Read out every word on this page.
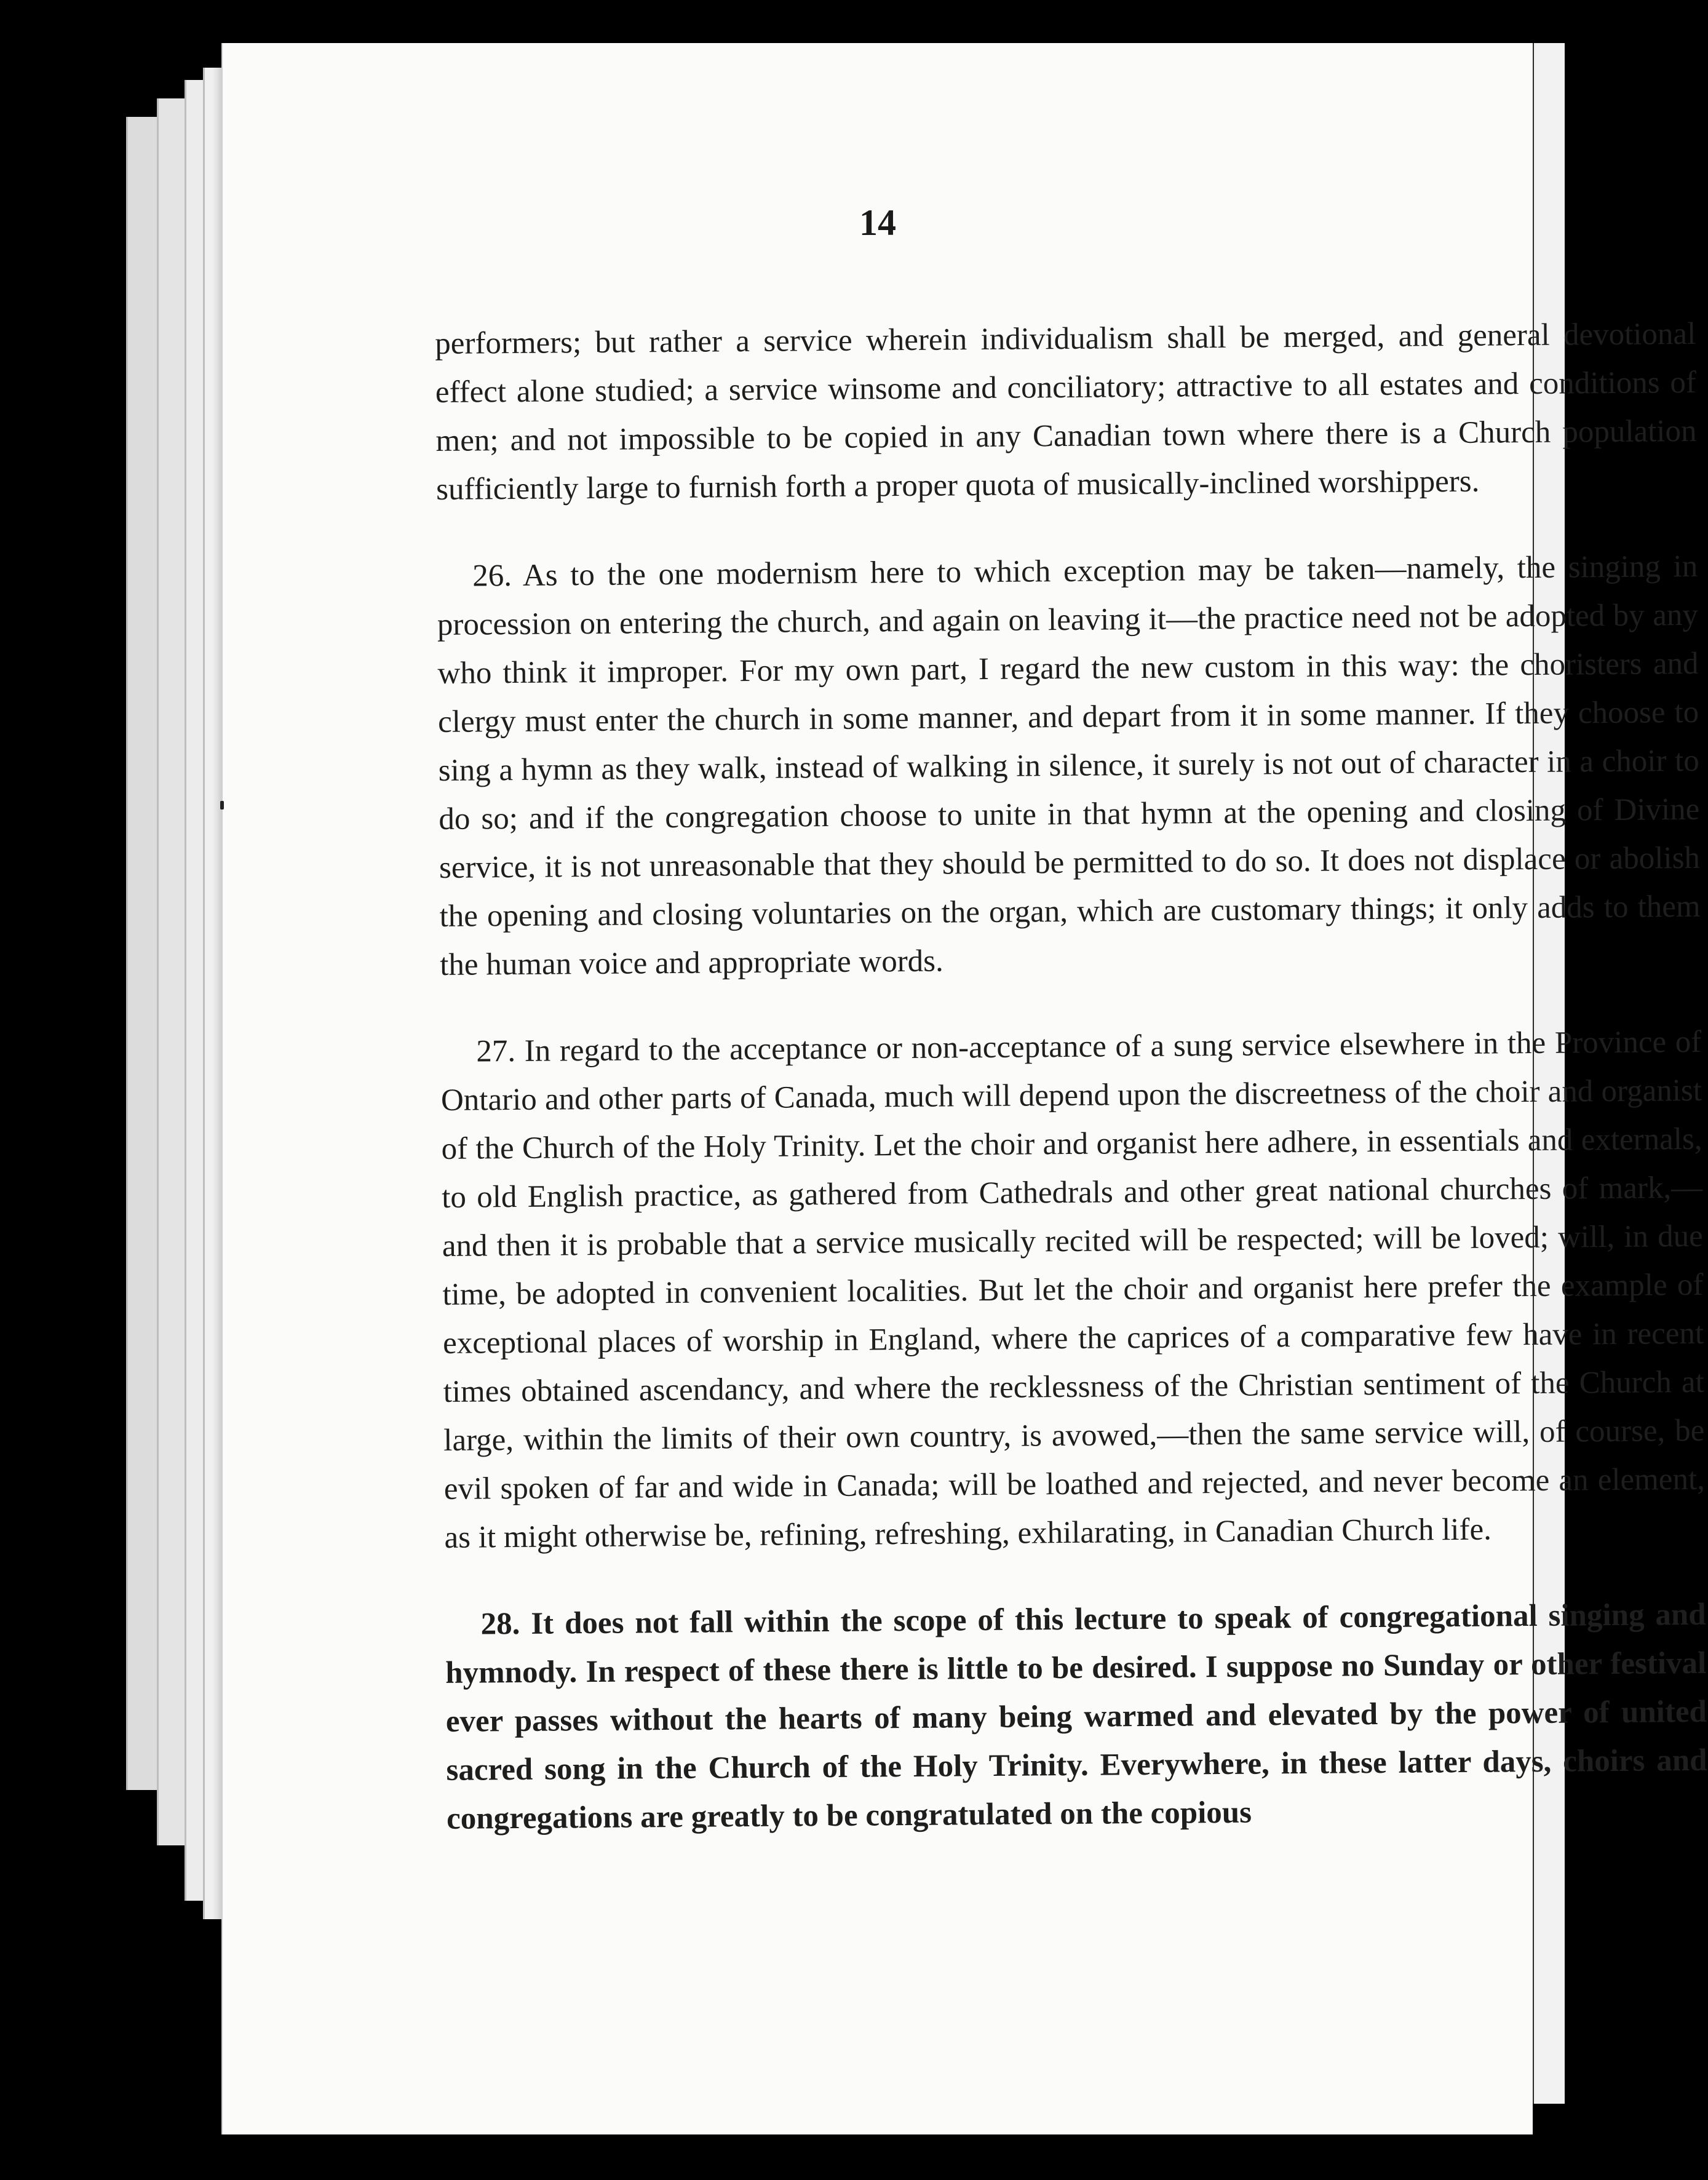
14

performers; but rather a service wherein individualism shall be merged, and general devotional effect alone studied; a service winsome and conciliatory; attractive to all estates and conditions of men; and not impossible to be copied in any Canadian town where there is a Church population sufficiently large to furnish forth a proper quota of musically-inclined worshippers.

26. As to the one modernism here to which exception may be taken—namely, the singing in procession on entering the church, and again on leaving it—the practice need not be adopted by any who think it improper. For my own part, I regard the new custom in this way: the choristers and clergy must enter the church in some manner, and depart from it in some manner. If they choose to sing a hymn as they walk, instead of walking in silence, it surely is not out of character in a choir to do so; and if the congregation choose to unite in that hymn at the opening and closing of Divine service, it is not unreasonable that they should be permitted to do so. It does not displace or abolish the opening and closing voluntaries on the organ, which are customary things; it only adds to them the human voice and appropriate words.

27. In regard to the acceptance or non-acceptance of a sung service elsewhere in the Province of Ontario and other parts of Canada, much will depend upon the discreetness of the choir and organist of the Church of the Holy Trinity. Let the choir and organist here adhere, in essentials and externals, to old English practice, as gathered from Cathedrals and other great national churches of mark,—and then it is probable that a service musically recited will be respected; will be loved; will, in due time, be adopted in convenient localities. But let the choir and organist here prefer the example of exceptional places of worship in England, where the caprices of a comparative few have in recent times obtained ascendancy, and where the recklessness of the Christian sentiment of the Church at large, within the limits of their own country, is avowed,—then the same service will, of course, be evil spoken of far and wide in Canada; will be loathed and rejected, and never become an element, as it might otherwise be, refining, refreshing, exhilarating, in Canadian Church life.

28. It does not fall within the scope of this lecture to speak of congregational singing and hymnody. In respect of these there is little to be desired. I suppose no Sunday or other festival ever passes without the hearts of many being warmed and elevated by the power of united sacred song in the Church of the Holy Trinity. Everywhere, in these latter days, choirs and congregations are greatly to be congratulated on the copious
